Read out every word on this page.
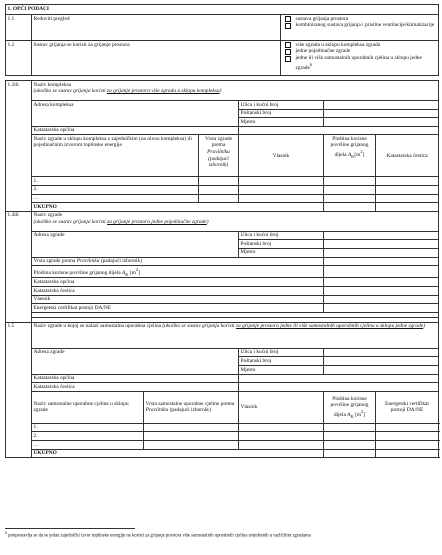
1. OPĆI PODACI								
1.1	Redoviti pregled				sustava grijanja prostora
kombiniranog sustava grijanja i prisilne ventilacije/klimatizacije			

1.2	Sustav grijanja se koristi za grijanje prostora				više zgrada u sklopu kompleksa zgrada
jedne pojedinačne zgrade
jedne ili više samostalnih uporabnih cjelina u sklopu jedne zgrade$^6$

1.3ili	Naziv kompleksa
(ukoliko se sustav grijanja koristi za grijanje prostora više zgrada u sklopu kompleksa)							
	Adresa kompleksa			Ulica i kućni broj				
				Poštanski broj				
				Mjesto				
	Katastarska općina							
	Naziv zgrade u sklopu kompleksa s zajedničkim (na nivou kompleksa) ili pojedinačnim izvorom toplinske energije		Vrsta zgrade prema Pravilniku (padajući izbornik)	Vlasnik		Ploština korisne površine grijanog dijela $A_K[m^2]$	Katastarska čestica	
	1.							
	2.							
	…							
	UKUPNO							
1.4ili	Naziv zgrade
(ukoliko se sustav grijanja koristi za grijanje prostora jedne pojedinačne zgrade)							
	Adresa zgrade			Ulica i kućni broj				
				Poštanski broj				
				Mjesto				
	Vrsta zgrade prema Pravilniku (padajući izbornik)							
	Ploština korisne površine grijanog dijela $A_K$ $[m^2]$							
	Katastarska općina							
	Katastarska čestica							
	Vlasnik							
	Energetski certifikat postoji DA/NE							

1.5	Naziv zgrade u kojoj se nalazi samostalna uporabna cjelina (ukoliko se sustav grijanja koristi za grijanje prostora jedne ili više samostalnih uporabnih cjelina u sklopu jedne zgrade)							
	Adresa zgrade			Ulica i kućni broj				
				Poštanski broj				
				Mjesto				
	Katastarska općina							
	Katastarska čestica							
	Naziv samostalne uporabne cjeline u sklopu zgrade	Vrsta samostalne uporabne cjeline prema Pravilniku (padajući izbornik)		Vlasnik		Ploština korisne površine grijanog dijela $A_K$ $[m^2]$	Energetski certifikat postoji DA/NE	
	1.							
	2.							
	…							
	UKUPNO							
$^6$ pretpostavlja se da se jedan zajednički izvor toplinske energije ne koristi za grijanje prostora više samostalnih uporabnih cjelina smještenih u različitim zgradama
